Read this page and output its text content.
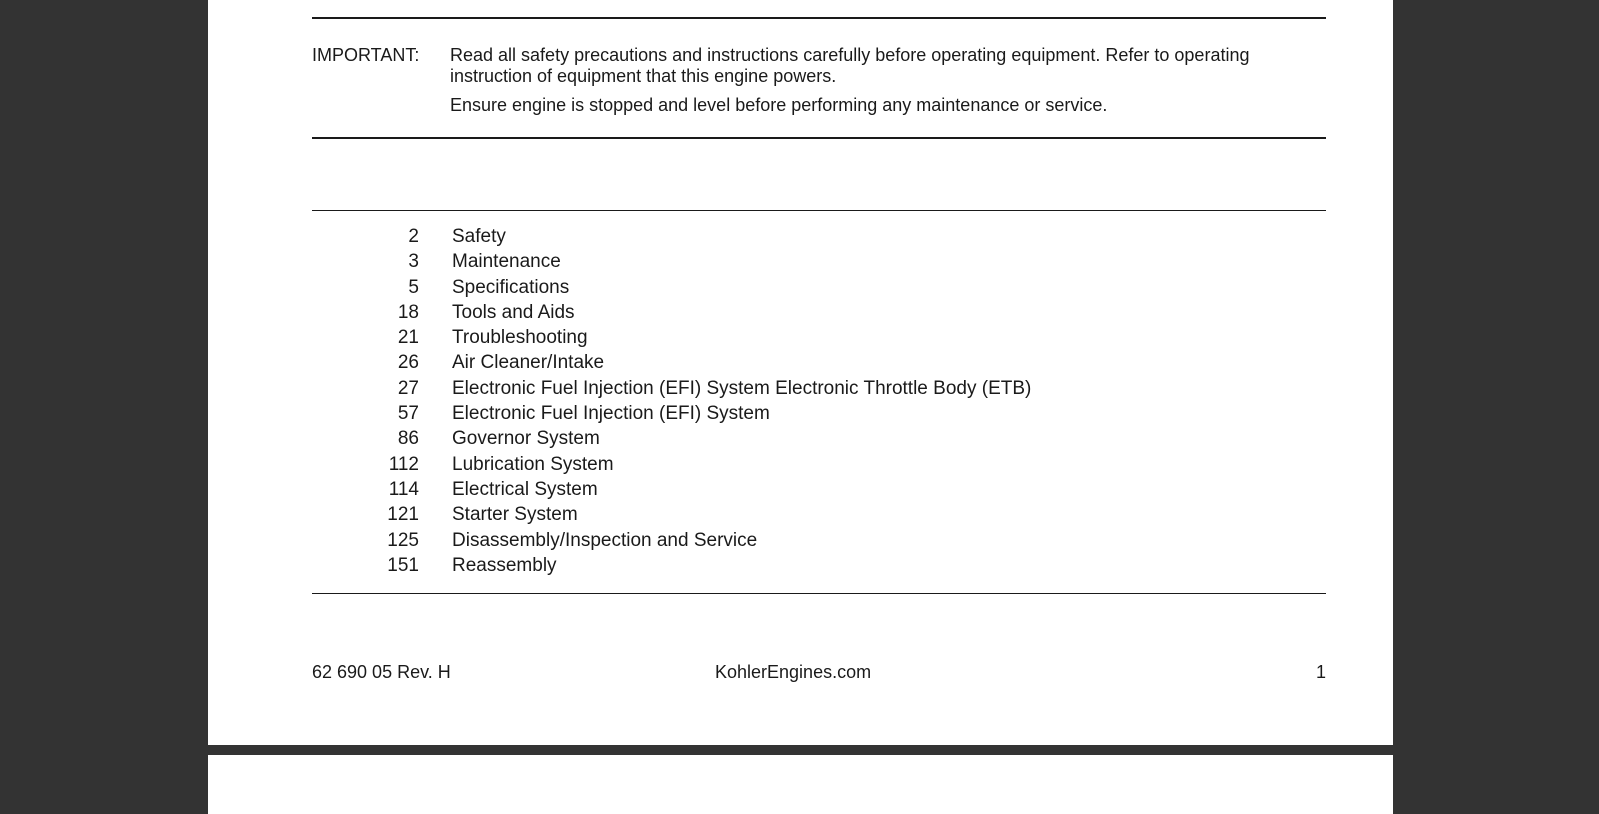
IMPORTANT: Read all safety precautions and instructions carefully before operating equipment. Refer to operating instruction of equipment that this engine powers.

Ensure engine is stopped and level before performing any maintenance or service.

2 Safety
3 Maintenance
5 Specifications
18 Tools and Aids
21 Troubleshooting
26 Air Cleaner/Intake
27 Electronic Fuel Injection (EFI) System Electronic Throttle Body (ETB)
57 Electronic Fuel Injection (EFI) System
86 Governor System
112 Lubrication System
114 Electrical System
121 Starter System
125 Disassembly/Inspection and Service
151 Reassembly
62 690 05 Rev. H	KohlerEngines.com	1
